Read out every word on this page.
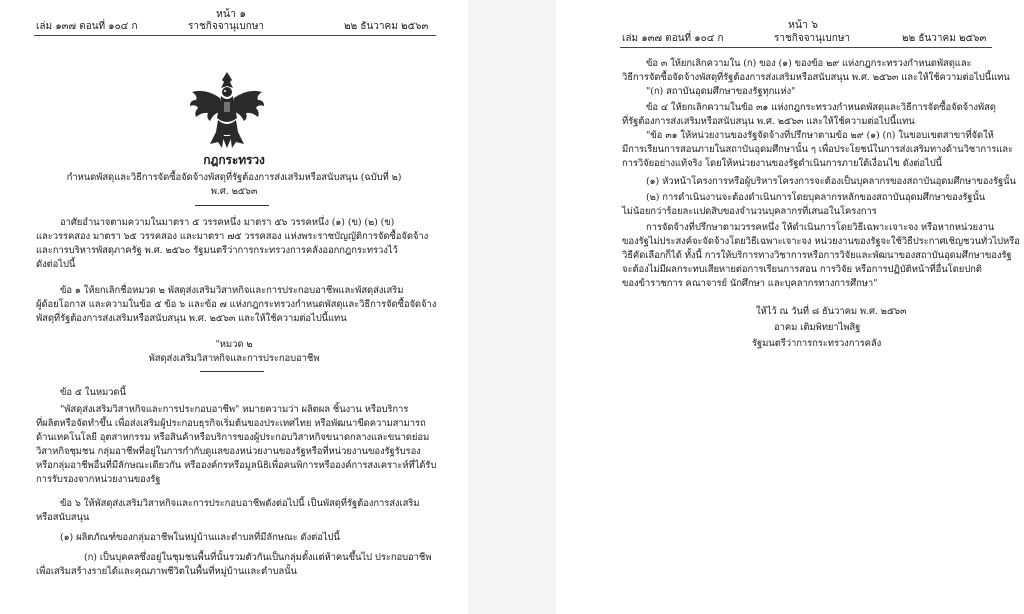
หน้า ๑
เล่ม ๑๓๗ ตอนที่ ๑๐๔ ก	ราชกิจจานุเบกษา	๒๒ ธันวาคม ๒๕๖๓
กฎกระทรวง
กำหนดพัสดุและวิธีการจัดซื้อจัดจ้างพัสดุที่รัฐต้องการส่งเสริมหรือสนับสนุน (ฉบับที่ ๒)
พ.ศ. ๒๕๖๓
อาศัยอำนาจตามความในมาตรา ๕ วรรคหนึ่ง มาตรา ๕๖ วรรคหนึ่ง (๑) (ข) (๒) (ข)
และวรรคสอง มาตรา ๖๕ วรรคสอง และมาตรา ๗๕ วรรคสอง แห่งพระราชบัญญัติการจัดซื้อจัดจ้าง
และการบริหารพัสดุภาครัฐ พ.ศ. ๒๕๖๐ รัฐมนตรีว่าการกระทรวงการคลังออกกฎกระทรวงไว้
ดังต่อไปนี้
ข้อ ๑ ให้ยกเลิกชื่อหมวด ๒ พัสดุส่งเสริมวิสาหกิจและการประกอบอาชีพและพัสดุส่งเสริม
ผู้ด้อยโอกาส และความในข้อ ๕ ข้อ ๖ และข้อ ๗ แห่งกฎกระทรวงกำหนดพัสดุและวิธีการจัดซื้อจัดจ้าง
พัสดุที่รัฐต้องการส่งเสริมหรือสนับสนุน พ.ศ. ๒๕๖๓ และให้ใช้ความต่อไปนี้แทน
"หมวด ๒
พัสดุส่งเสริมวิสาหกิจและการประกอบอาชีพ
ข้อ ๕ ในหมวดนี้
"พัสดุส่งเสริมวิสาหกิจและการประกอบอาชีพ" หมายความว่า ผลิตผล ชิ้นงาน หรือบริการ
ที่ผลิตหรือจัดทำขึ้น เพื่อส่งเสริมผู้ประกอบธุรกิจเริ่มต้นของประเทศไทย หรือพัฒนาขีดความสามารถ
ด้านเทคโนโลยี อุตสาหกรรม หรือสินค้าหรือบริการของผู้ประกอบวิสาหกิจขนาดกลางและขนาดย่อม
วิสาหกิจชุมชน กลุ่มอาชีพที่อยู่ในการกำกับดูแลของหน่วยงานของรัฐหรือที่หน่วยงานของรัฐรับรอง
หรือกลุ่มอาชีพอื่นที่มีลักษณะเดียวกัน หรือองค์กรหรือมูลนิธิเพื่อคนพิการหรือองค์การสงเคราะห์ที่ได้รับ
การรับรองจากหน่วยงานของรัฐ
ข้อ ๖ ให้พัสดุส่งเสริมวิสาหกิจและการประกอบอาชีพดังต่อไปนี้ เป็นพัสดุที่รัฐต้องการส่งเสริม
หรือสนับสนุน
(๑) ผลิตภัณฑ์ของกลุ่มอาชีพในหมู่บ้านและตำบลที่มีลักษณะ ดังต่อไปนี้
(ก) เป็นบุคคลซึ่งอยู่ในชุมชนพื้นที่นั้นรวมตัวกันเป็นกลุ่มตั้งแต่ห้าคนขึ้นไป ประกอบอาชีพ
เพื่อเสริมสร้างรายได้และคุณภาพชีวิตในพื้นที่หมู่บ้านและตำบลนั้น
หน้า ๖
เล่ม ๑๓๗ ตอนที่ ๑๐๔ ก	ราชกิจจานุเบกษา	๒๒ ธันวาคม ๒๕๖๓
ข้อ ๓ ให้ยกเลิกความใน (ก) ของ (๑) ของข้อ ๒๙ แห่งกฎกระทรวงกำหนดพัสดุและ
วิธีการจัดซื้อจัดจ้างพัสดุที่รัฐต้องการส่งเสริมหรือสนับสนุน พ.ศ. ๒๕๖๓ และให้ใช้ความต่อไปนี้แทน
"(ก) สถาบันอุดมศึกษาของรัฐทุกแห่ง"
ข้อ ๔ ให้ยกเลิกความในข้อ ๓๑ แห่งกฎกระทรวงกำหนดพัสดุและวิธีการจัดซื้อจัดจ้างพัสดุ
ที่รัฐต้องการส่งเสริมหรือสนับสนุน พ.ศ. ๒๕๖๓ และให้ใช้ความต่อไปนี้แทน
"ข้อ ๓๑ ให้หน่วยงานของรัฐจัดจ้างที่ปรึกษาตามข้อ ๒๙ (๑) (ก) ในขอบเขตสาขาที่จัดให้
มีการเรียนการสอนภายในสถาบันอุดมศึกษานั้น ๆ เพื่อประโยชน์ในการส่งเสริมทางด้านวิชาการและ
การวิจัยอย่างแท้จริง โดยให้หน่วยงานของรัฐดำเนินการภายใต้เงื่อนไข ดังต่อไปนี้
(๑) หัวหน้าโครงการหรือผู้บริหารโครงการจะต้องเป็นบุคลากรของสถาบันอุดมศึกษาของรัฐนั้น
(๒) การดำเนินงานจะต้องดำเนินการโดยบุคลากรหลักของสถาบันอุดมศึกษาของรัฐนั้น
ไม่น้อยกว่าร้อยละแปดสิบของจำนวนบุคลากรที่เสนอในโครงการ
การจัดจ้างที่ปรึกษาตามวรรคหนึ่ง ให้ดำเนินการโดยวิธีเฉพาะเจาะจง หรือหากหน่วยงาน
ของรัฐไม่ประสงค์จะจัดจ้างโดยวิธีเฉพาะเจาะจง หน่วยงานของรัฐจะใช้วิธีประกาศเชิญชวนทั่วไปหรือ
วิธีคัดเลือกก็ได้ ทั้งนี้ การให้บริการทางวิชาการหรือการวิจัยและพัฒนาของสถาบันอุดมศึกษาของรัฐ
จะต้องไม่มีผลกระทบเสียหายต่อการเรียนการสอน การวิจัย หรือการปฏิบัติหน้าที่อื่นโดยปกติ
ของข้าราชการ คณาจารย์ นักศึกษา และบุคลากรทางการศึกษา"
ให้ไว้ ณ วันที่ ๘ ธันวาคม พ.ศ. ๒๕๖๓
อาคม เติมพิทยาไพสิฐ
รัฐมนตรีว่าการกระทรวงการคลัง
